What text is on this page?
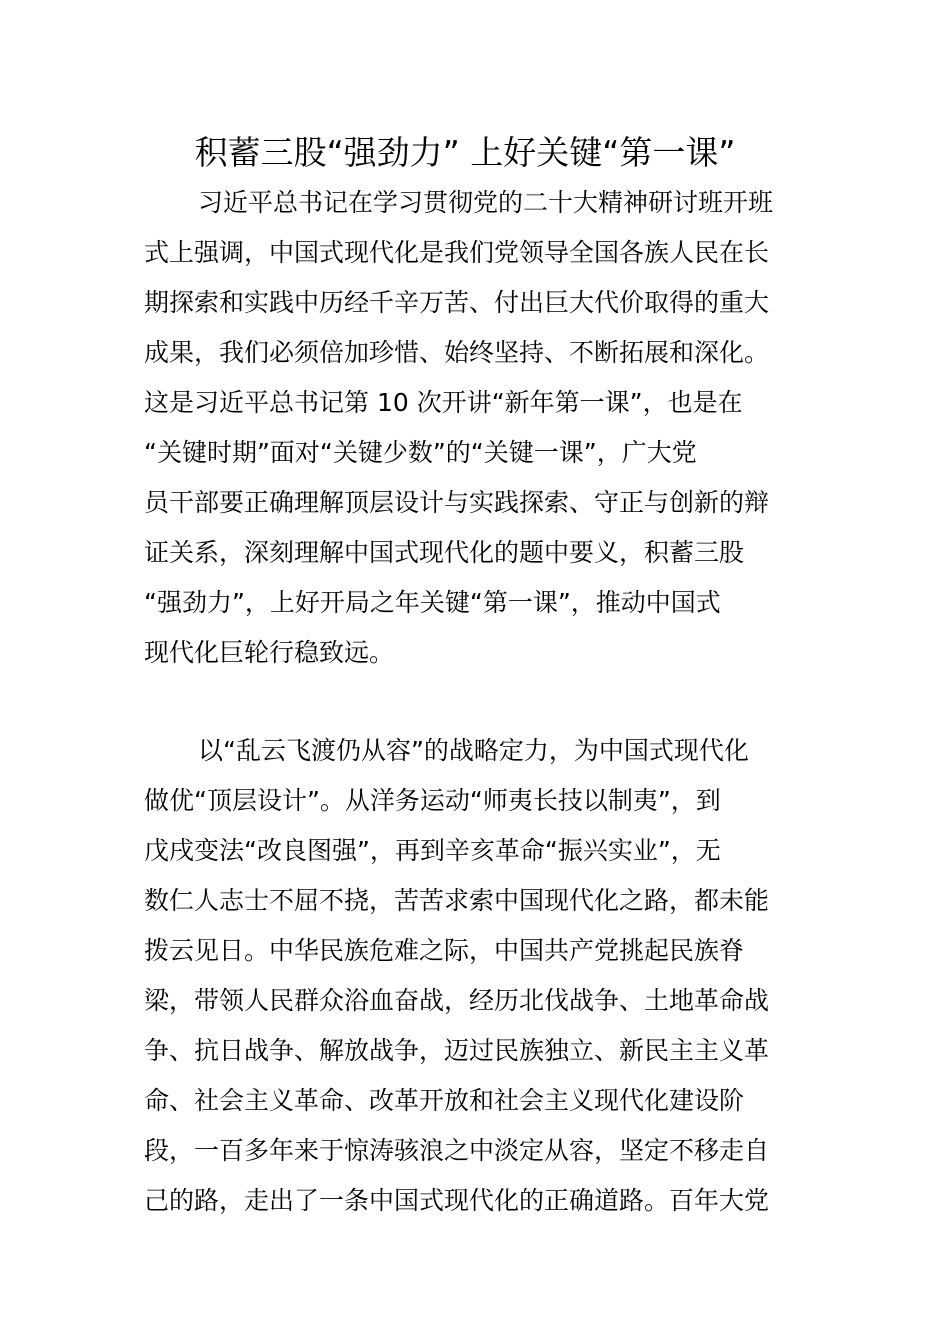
积蓄三股“强劲力” 上好关键“第一课”
习近平总书记在学习贯彻党的二十大精神研讨班开班
式上强调，中国式现代化是我们党领导全国各族人民在长
期探索和实践中历经千辛万苦、付出巨大代价取得的重大
成果，我们必须倍加珍惜、始终坚持、不断拓展和深化。
这是习近平总书记第 10 次开讲“新年第一课”，也是在
“关键时期”面对“关键少数”的“关键一课”，广大党
员干部要正确理解顶层设计与实践探索、守正与创新的辩
证关系，深刻理解中国式现代化的题中要义，积蓄三股
“强劲力”，上好开局之年关键“第一课”，推动中国式
现代化巨轮行稳致远。
以“乱云飞渡仍从容”的战略定力，为中国式现代化
做优“顶层设计”。从洋务运动“师夷长技以制夷”，到
戊戌变法“改良图强”，再到辛亥革命“振兴实业”，无
数仁人志士不屈不挠，苦苦求索中国现代化之路，都未能
拨云见日。中华民族危难之际，中国共产党挑起民族脊
梁，带领人民群众浴血奋战，经历北伐战争、土地革命战
争、抗日战争、解放战争，迈过民族独立、新民主主义革
命、社会主义革命、改革开放和社会主义现代化建设阶
段，一百多年来于惊涛骇浪之中淡定从容，坚定不移走自
己的路，走出了一条中国式现代化的正确道路。百年大党
